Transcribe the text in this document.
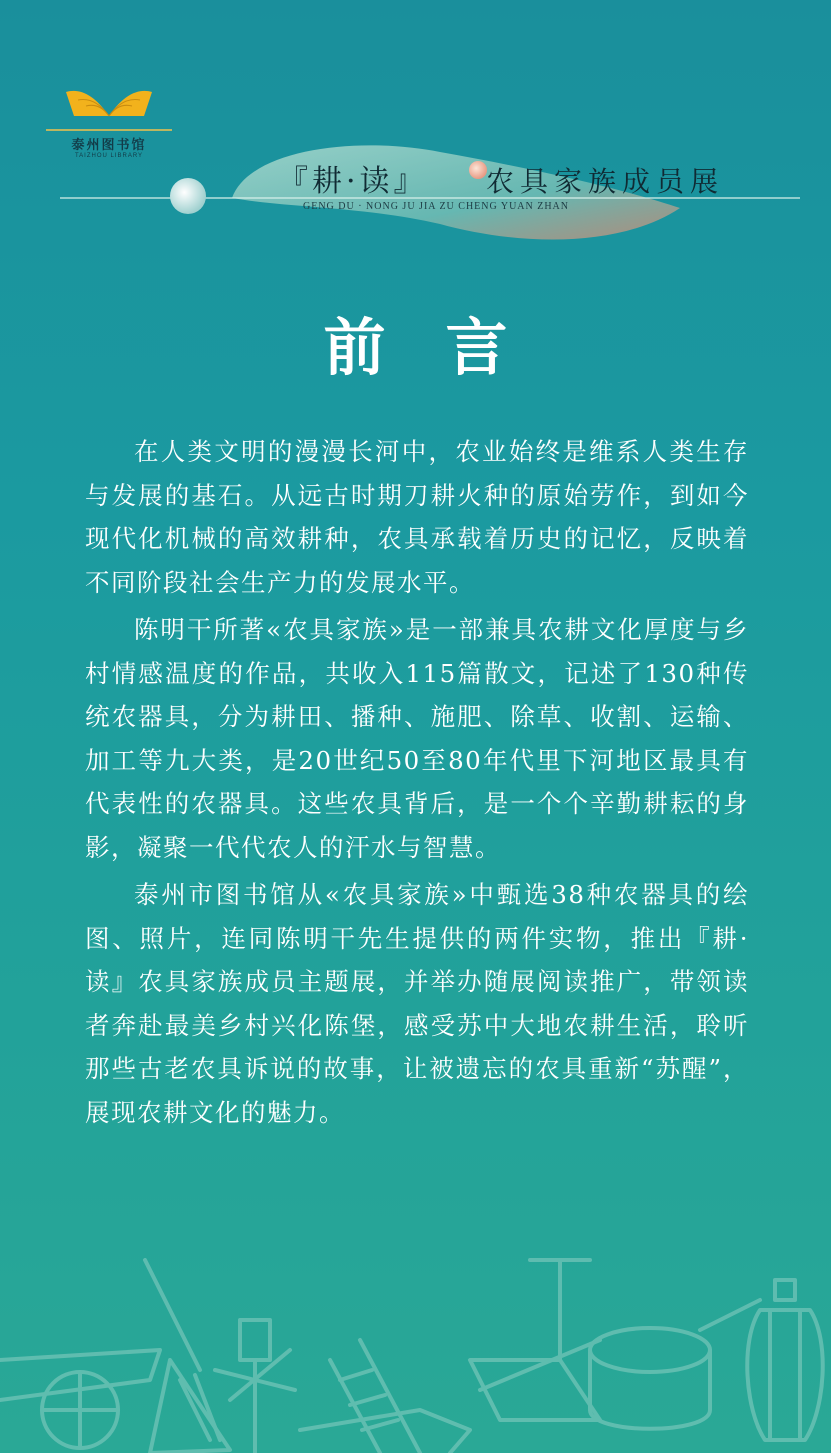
泰州图书馆
TAIZHOU LIBRARY
『耕·读』 农具家族成员展
GENG DU · NONG JU JIA ZU CHENG YUAN ZHAN
前言

在人类文明的漫漫长河中，农业始终是维系人类生存与发展的基石。从远古时期刀耕火种的原始劳作，到如今现代化机械的高效耕种，农具承载着历史的记忆，反映着不同阶段社会生产力的发展水平。

陈明干所著«农具家族»是一部兼具农耕文化厚度与乡村情感温度的作品，共收入115篇散文，记述了130种传统农器具，分为耕田、播种、施肥、除草、收割、运输、加工等九大类，是20世纪50至80年代里下河地区最具有代表性的农器具。这些农具背后，是一个个辛勤耕耘的身影，凝聚一代代农人的汗水与智慧。

泰州市图书馆从«农具家族»中甄选38种农器具的绘图、照片，连同陈明干先生提供的两件实物，推出『耕·读』农具家族成员主题展，并举办随展阅读推广，带领读者奔赴最美乡村兴化陈堡，感受苏中大地农耕生活，聆听那些古老农具诉说的故事，让被遗忘的农具重新“苏醒”，展现农耕文化的魅力。
